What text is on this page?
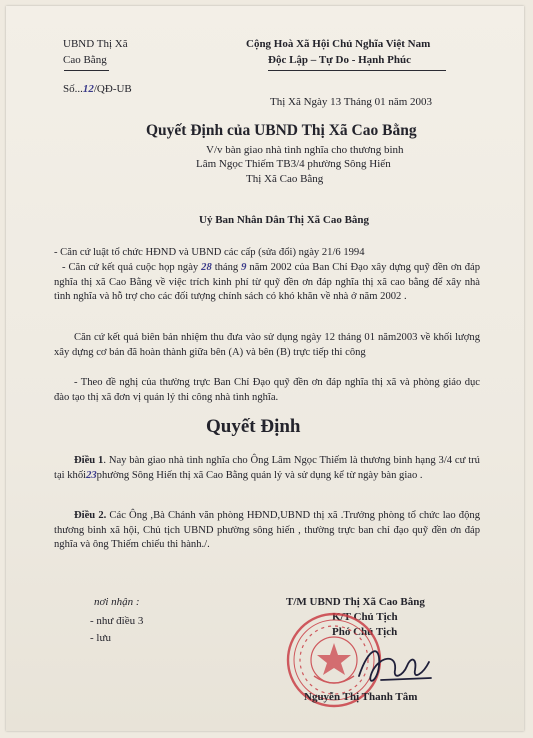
UBND Thị Xã
Cao Bằng
Số...12/QĐ-UB
Cộng Hoà Xã Hội Chủ Nghĩa Việt Nam
Độc Lập – Tự Do - Hạnh Phúc
Thị Xã Ngày 13 Tháng 01 năm 2003
Quyết Định của UBND Thị Xã Cao Bằng
V/v bàn giao nhà tình nghĩa cho thương binh
Lâm Ngọc Thiếm TB3/4 phường Sông Hiến
Thị Xã Cao Bằng
Uỷ Ban Nhân Dân Thị Xã Cao Bằng
- Căn cứ luật tổ chức HĐND và UBND các cấp (sửa đổi) ngày 21/6 1994
- Căn cứ kết quả cuộc họp ngày 28 tháng 9 năm 2002 của Ban Chỉ Đạo xây dựng quỹ đền ơn đáp nghĩa thị xã Cao Bằng về việc trích kinh phí từ quỹ đền ơn đáp nghĩa thị xã cao bằng để xây nhà tình nghĩa và hỗ trợ cho các đối tượng chính sách có khó khăn về nhà ở năm 2002 .
Căn cứ kết quả biên bản nhiệm thu đưa vào sử dụng ngày 12 tháng 01 năm2003 về khối lượng xây dựng cơ bản đã hoàn thành giữa bên (A) và bên (B) trực tiếp thi công
- Theo đề nghị của thường trực Ban Chỉ Đạo quỹ đền ơn đáp nghĩa thị xã và phòng giáo dục đào tạo thị xã đơn vị quản lý thi công nhà tình nghĩa.
Quyết Định
Điều 1. Nay bàn giao nhà tình nghĩa cho Ông Lâm Ngọc Thiếm là thương binh hạng 3/4 cư trú tại khối23phường Sông Hiến thị xã Cao Bằng quản lý và sử dụng kể từ ngày bàn giao .
Điều 2. Các Ông ,Bà Chánh văn phòng HĐND,UBND thị xã .Trưởng phòng tổ chức lao động thương binh xã hội, Chủ tịch UBND phường sông hiến , thường trực ban chỉ đạo quỹ đền ơn đáp nghĩa và ông Thiếm chiếu thi hành./.
nơi nhận :
- như điều 3
- lưu
T/M UBND Thị Xã Cao Bằng
K/T Chủ Tịch
Phó Chủ Tịch
Nguyễn Thị Thanh Tâm
